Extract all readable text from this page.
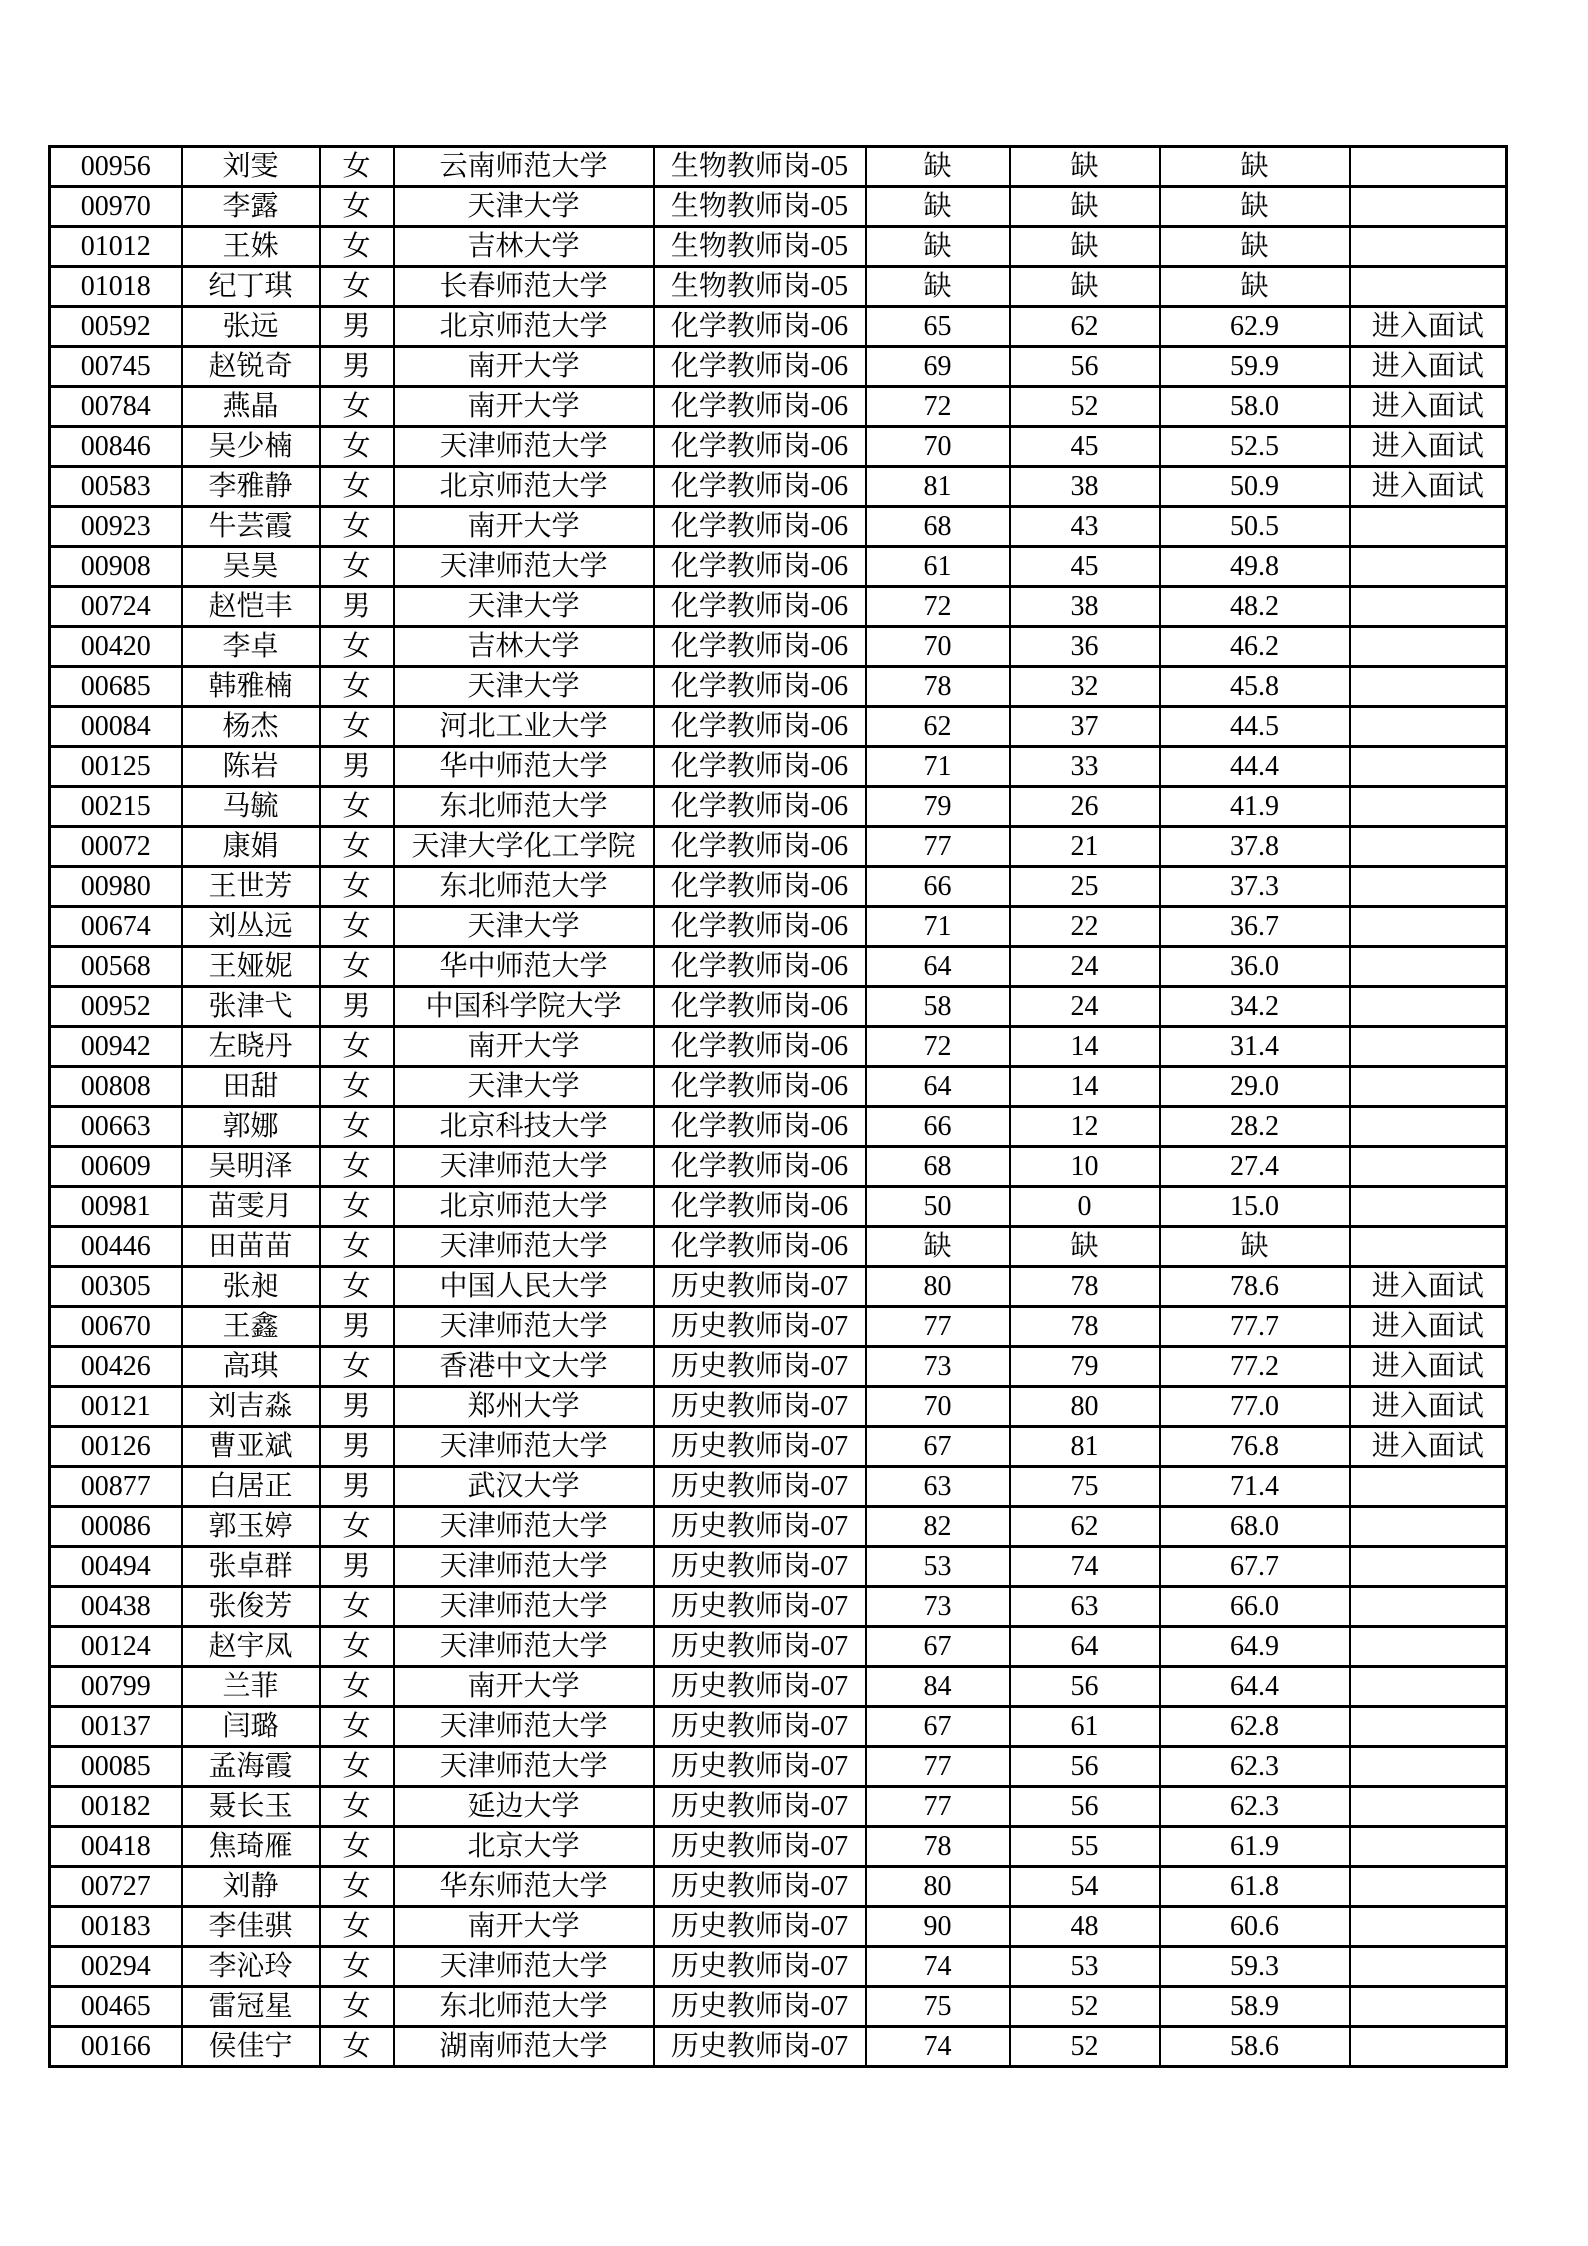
00956	刘雯	女	云南师范大学	生物教师岗-05	缺	缺	缺	
00970	李露	女	天津大学	生物教师岗-05	缺	缺	缺	
01012	王姝	女	吉林大学	生物教师岗-05	缺	缺	缺	
01018	纪丁琪	女	长春师范大学	生物教师岗-05	缺	缺	缺	
00592	张远	男	北京师范大学	化学教师岗-06	65	62	62.9	进入面试
00745	赵锐奇	男	南开大学	化学教师岗-06	69	56	59.9	进入面试
00784	燕晶	女	南开大学	化学教师岗-06	72	52	58.0	进入面试
00846	吴少楠	女	天津师范大学	化学教师岗-06	70	45	52.5	进入面试
00583	李雅静	女	北京师范大学	化学教师岗-06	81	38	50.9	进入面试
00923	牛芸霞	女	南开大学	化学教师岗-06	68	43	50.5	
00908	吴昊	女	天津师范大学	化学教师岗-06	61	45	49.8	
00724	赵恺丰	男	天津大学	化学教师岗-06	72	38	48.2	
00420	李卓	女	吉林大学	化学教师岗-06	70	36	46.2	
00685	韩雅楠	女	天津大学	化学教师岗-06	78	32	45.8	
00084	杨杰	女	河北工业大学	化学教师岗-06	62	37	44.5	
00125	陈岩	男	华中师范大学	化学教师岗-06	71	33	44.4	
00215	马毓	女	东北师范大学	化学教师岗-06	79	26	41.9	
00072	康娟	女	天津大学化工学院	化学教师岗-06	77	21	37.8	
00980	王世芳	女	东北师范大学	化学教师岗-06	66	25	37.3	
00674	刘丛远	女	天津大学	化学教师岗-06	71	22	36.7	
00568	王娅妮	女	华中师范大学	化学教师岗-06	64	24	36.0	
00952	张津弋	男	中国科学院大学	化学教师岗-06	58	24	34.2	
00942	左晓丹	女	南开大学	化学教师岗-06	72	14	31.4	
00808	田甜	女	天津大学	化学教师岗-06	64	14	29.0	
00663	郭娜	女	北京科技大学	化学教师岗-06	66	12	28.2	
00609	吴明泽	女	天津师范大学	化学教师岗-06	68	10	27.4	
00981	苗雯月	女	北京师范大学	化学教师岗-06	50	0	15.0	
00446	田苗苗	女	天津师范大学	化学教师岗-06	缺	缺	缺	
00305	张昶	女	中国人民大学	历史教师岗-07	80	78	78.6	进入面试
00670	王鑫	男	天津师范大学	历史教师岗-07	77	78	77.7	进入面试
00426	高琪	女	香港中文大学	历史教师岗-07	73	79	77.2	进入面试
00121	刘吉淼	男	郑州大学	历史教师岗-07	70	80	77.0	进入面试
00126	曹亚斌	男	天津师范大学	历史教师岗-07	67	81	76.8	进入面试
00877	白居正	男	武汉大学	历史教师岗-07	63	75	71.4	
00086	郭玉婷	女	天津师范大学	历史教师岗-07	82	62	68.0	
00494	张卓群	男	天津师范大学	历史教师岗-07	53	74	67.7	
00438	张俊芳	女	天津师范大学	历史教师岗-07	73	63	66.0	
00124	赵宇凤	女	天津师范大学	历史教师岗-07	67	64	64.9	
00799	兰菲	女	南开大学	历史教师岗-07	84	56	64.4	
00137	闫璐	女	天津师范大学	历史教师岗-07	67	61	62.8	
00085	孟海霞	女	天津师范大学	历史教师岗-07	77	56	62.3	
00182	聂长玉	女	延边大学	历史教师岗-07	77	56	62.3	
00418	焦琦雁	女	北京大学	历史教师岗-07	78	55	61.9	
00727	刘静	女	华东师范大学	历史教师岗-07	80	54	61.8	
00183	李佳骐	女	南开大学	历史教师岗-07	90	48	60.6	
00294	李沁玲	女	天津师范大学	历史教师岗-07	74	53	59.3	
00465	雷冠星	女	东北师范大学	历史教师岗-07	75	52	58.9	
00166	侯佳宁	女	湖南师范大学	历史教师岗-07	74	52	58.6	
